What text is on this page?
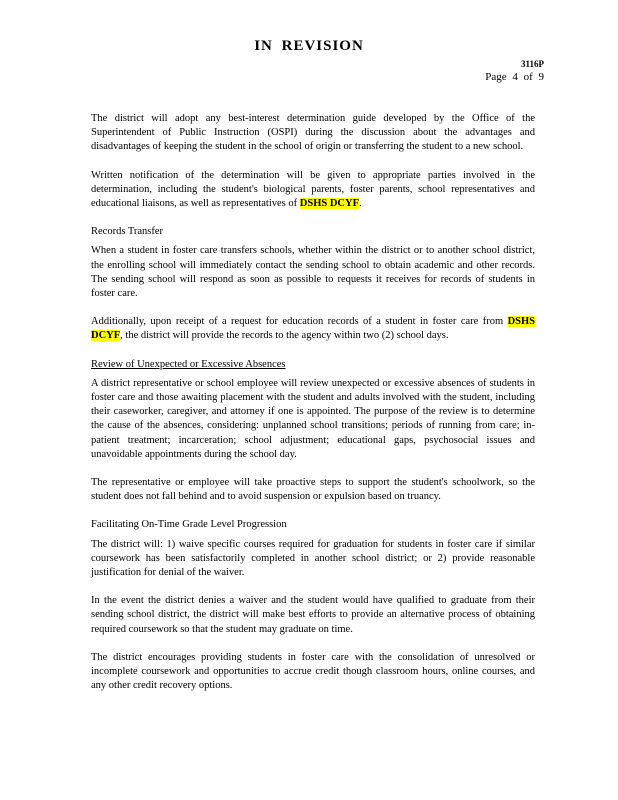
IN REVISION
3116P
Page 4 of 9

The district will adopt any best-interest determination guide developed by the Office of the Superintendent of Public Instruction (OSPI) during the discussion about the advantages and disadvantages of keeping the student in the school of origin or transferring the student to a new school.

Written notification of the determination will be given to appropriate parties involved in the determination, including the student's biological parents, foster parents, school representatives and educational liaisons, as well as representatives of DSHS DCYF.

Records Transfer

When a student in foster care transfers schools, whether within the district or to another school district, the enrolling school will immediately contact the sending school to obtain academic and other records. The sending school will respond as soon as possible to requests it receives for records of students in foster care.

Additionally, upon receipt of a request for education records of a student in foster care from DSHS DCYF, the district will provide the records to the agency within two (2) school days.

Review of Unexpected or Excessive Absences

A district representative or school employee will review unexpected or excessive absences of students in foster care and those awaiting placement with the student and adults involved with the student, including their caseworker, caregiver, and attorney if one is appointed. The purpose of the review is to determine the cause of the absences, considering: unplanned school transitions; periods of running from care; in-patient treatment; incarceration; school adjustment; educational gaps, psychosocial issues and unavoidable appointments during the school day.

The representative or employee will take proactive steps to support the student's schoolwork, so the student does not fall behind and to avoid suspension or expulsion based on truancy.

Facilitating On-Time Grade Level Progression

The district will: 1) waive specific courses required for graduation for students in foster care if similar coursework has been satisfactorily completed in another school district; or 2) provide reasonable justification for denial of the waiver.

In the event the district denies a waiver and the student would have qualified to graduate from their sending school district, the district will make best efforts to provide an alternative process of obtaining required coursework so that the student may graduate on time.

The district encourages providing students in foster care with the consolidation of unresolved or incomplete coursework and opportunities to accrue credit though classroom hours, online courses, and any other credit recovery options.
